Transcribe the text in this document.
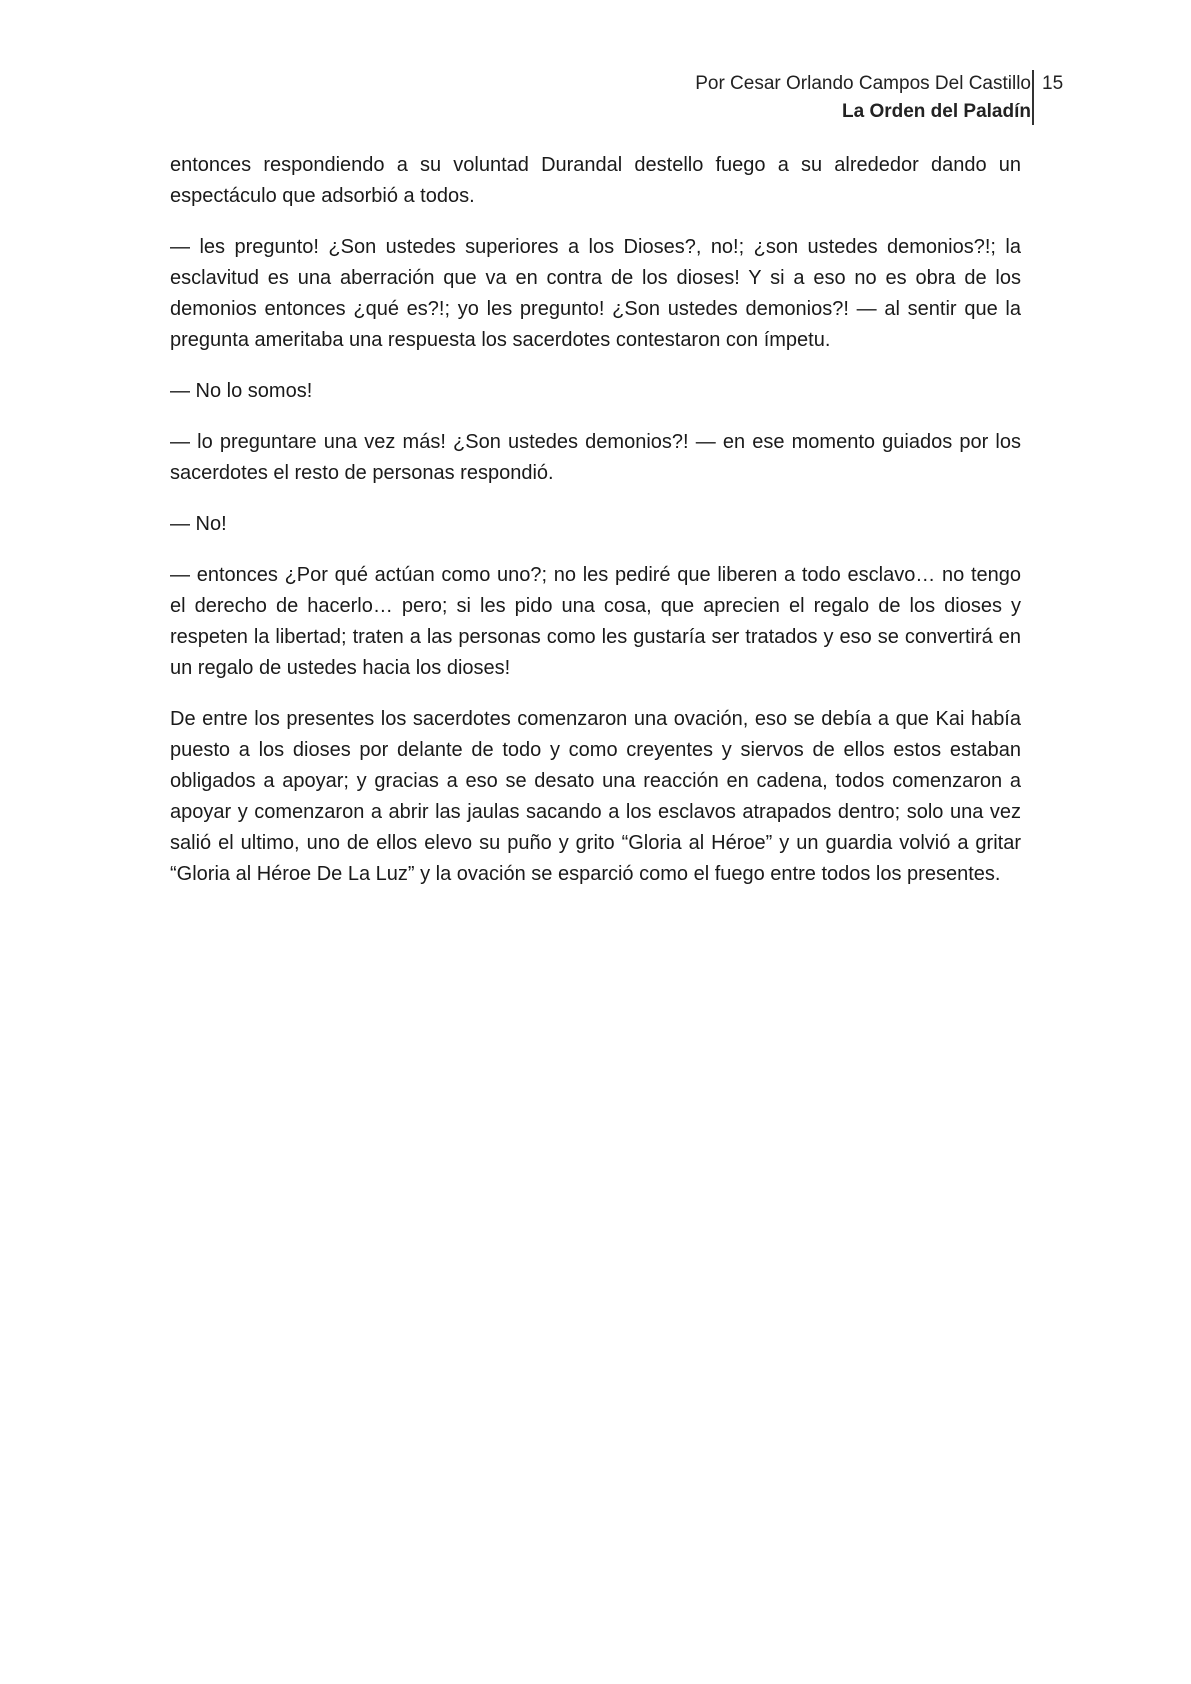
Por Cesar Orlando Campos Del Castillo
La Orden del Paladín
15

entonces respondiendo a su voluntad Durandal destello fuego a su alrededor dando un espectáculo que adsorbió a todos.

— les pregunto! ¿Son ustedes superiores a los Dioses?, no!; ¿son ustedes demonios?!; la esclavitud es una aberración que va en contra de los dioses! Y si a eso no es obra de los demonios entonces ¿qué es?!; yo les pregunto! ¿Son ustedes demonios?! — al sentir que la pregunta ameritaba una respuesta los sacerdotes contestaron con ímpetu.

— No lo somos!

— lo preguntare una vez más! ¿Son ustedes demonios?! — en ese momento guiados por los sacerdotes el resto de personas respondió.

— No!

— entonces ¿Por qué actúan como uno?; no les pediré que liberen a todo esclavo… no tengo el derecho de hacerlo… pero; si les pido una cosa, que aprecien el regalo de los dioses y respeten la libertad; traten a las personas como les gustaría ser tratados y eso se convertirá en un regalo de ustedes hacia los dioses!

De entre los presentes los sacerdotes comenzaron una ovación, eso se debía a que Kai había puesto a los dioses por delante de todo y como creyentes y siervos de ellos estos estaban obligados a apoyar; y gracias a eso se desato una reacción en cadena, todos comenzaron a apoyar y comenzaron a abrir las jaulas sacando a los esclavos atrapados dentro; solo una vez salió el ultimo, uno de ellos elevo su puño y grito “Gloria al Héroe” y un guardia volvió a gritar “Gloria al Héroe De La Luz” y la ovación se esparció como el fuego entre todos los presentes.
